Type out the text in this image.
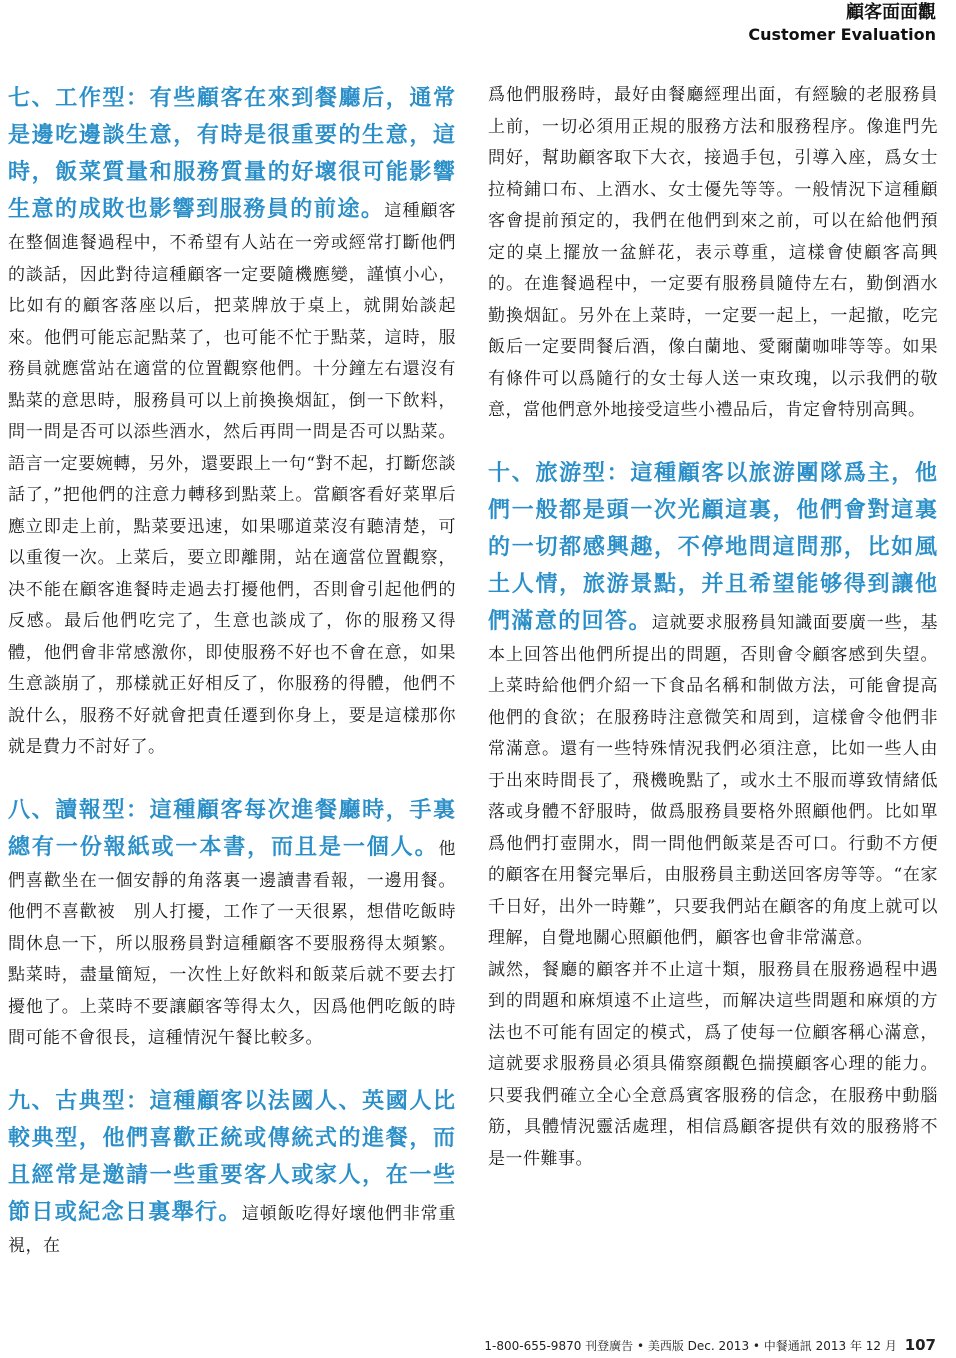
顧客面面觀
Customer Evaluation
七、工作型：有些顧客在來到餐廳后，通常是邊吃邊談生意，有時是很重要的生意，這時，飯菜質量和服務質量的好壞很可能影響生意的成敗也影響到服務員的前途。這種顧客在整個進餐過程中，不希望有人站在一旁或經常打斷他們的談話，因此對待這種顧客一定要隨機應變，謹慎小心，比如有的顧客落座以后，把菜牌放于桌上，就開始談起來。他們可能忘記點菜了，也可能不忙于點菜，這時，服務員就應當站在適當的位置觀察他們。十分鐘左右還沒有點菜的意思時，服務員可以上前換換烟缸，倒一下飲料，問一問是否可以添些酒水，然后再問一問是否可以點菜。語言一定要婉轉，另外，還要跟上一句“對不起，打斷您談話了，”把他們的注意力轉移到點菜上。當顧客看好菜單后應立即走上前，點菜要迅速，如果哪道菜沒有聽清楚，可以重復一次。上菜后，要立即離開，站在適當位置觀察，决不能在顧客進餐時走過去打擾他們，否則會引起他們的反感。最后他們吃完了，生意也談成了，你的服務又得體，他們會非常感激你，即使服務不好也不會在意，如果生意談崩了，那樣就正好相反了，你服務的得體，他們不說什么，服務不好就會把責任遷到你身上，要是這樣那你就是費力不討好了。
八、讀報型：這種顧客每次進餐廳時，手裏總有一份報紙或一本書，而且是一個人。他們喜歡坐在一個安靜的角落裏一邊讀書看報，一邊用餐。他們不喜歡被　別人打擾，工作了一天很累，想借吃飯時間休息一下，所以服務員對這種顧客不要服務得太頻繁。點菜時，盡量簡短，一次性上好飲料和飯菜后就不要去打擾他了。上菜時不要讓顧客等得太久，因爲他們吃飯的時間可能不會很長，這種情況午餐比較多。
九、古典型：這種顧客以法國人、英國人比較典型，他們喜歡正統或傳統式的進餐，而且經常是邀請一些重要客人或家人，在一些節日或紀念日裏舉行。這頓飯吃得好壞他們非常重視，在

爲他們服務時，最好由餐廳經理出面，有經驗的老服務員上前，一切必須用正規的服務方法和服務程序。像進門先問好，幫助顧客取下大衣，接過手包，引導入座，爲女士拉椅鋪口布、上酒水、女士優先等等。一般情況下這種顧客會提前預定的，我們在他們到來之前，可以在給他們預定的桌上擺放一盆鮮花，表示尊重，這樣會使顧客高興的。在進餐過程中，一定要有服務員隨侍左右，勤倒酒水勤換烟缸。另外在上菜時，一定要一起上，一起撤，吃完飯后一定要問餐后酒，像白蘭地、愛爾蘭咖啡等等。如果有條件可以爲隨行的女士每人送一束玫瑰，以示我們的敬意，當他們意外地接受這些小禮品后，肯定會特別高興。

十、旅游型：這種顧客以旅游團隊爲主，他們一般都是頭一次光顧這裏，他們會對這裏的一切都感興趣，不停地問這問那，比如風土人情，旅游景點，并且希望能够得到讓他們滿意的回答。這就要求服務員知識面要廣一些，基本上回答出他們所提出的問題，否則會令顧客感到失望。上菜時給他們介紹一下食品名稱和制做方法，可能會提高他們的食欲；在服務時注意微笑和周到，這樣會令他們非常滿意。還有一些特殊情況我們必須注意，比如一些人由于出來時間長了，飛機晚點了，或水土不服而導致情緒低落或身體不舒服時，做爲服務員要格外照顧他們。比如單爲他們打壺開水，問一問他們飯菜是否可口。行動不方便的顧客在用餐完畢后，由服務員主動送回客房等等。“在家千日好，出外一時難”，只要我們站在顧客的角度上就可以理解，自覺地關心照顧他們，顧客也會非常滿意。

誠然，餐廳的顧客并不止這十類，服務員在服務過程中遇到的問題和麻煩遠不止這些，而解决這些問題和麻煩的方法也不可能有固定的模式，爲了使每一位顧客稱心滿意，這就要求服務員必須具備察顔觀色揣摸顧客心理的能力。只要我們確立全心全意爲賓客服務的信念，在服務中動腦筋，具體情況靈活處理，相信爲顧客提供有效的服務將不是一件難事。

1-800-655-9870 刊登廣告 • 美西版 Dec. 2013 • 中餐通訊 2013 年 12 月 107
